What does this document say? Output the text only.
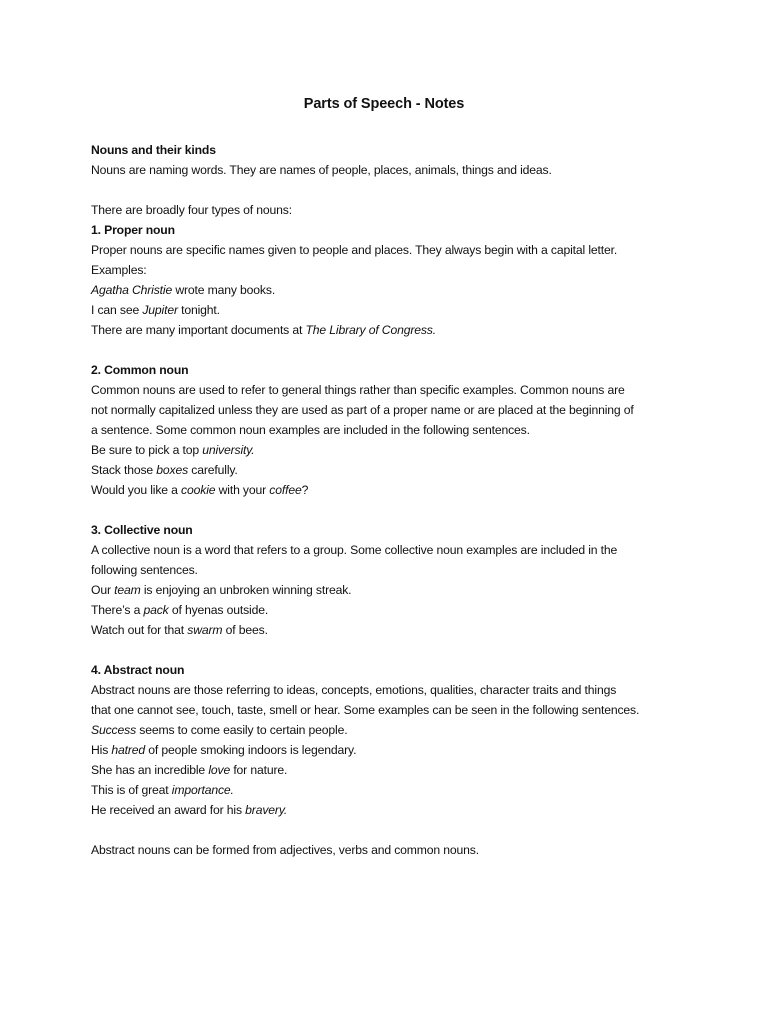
Parts of Speech - Notes

Nouns and their kinds

Nouns are naming words. They are names of people, places, animals, things and ideas.

There are broadly four types of nouns:

1. Proper noun

Proper nouns are specific names given to people and places. They always begin with a capital letter.

Examples:

Agatha Christie wrote many books.

I can see Jupiter tonight.

There are many important documents at The Library of Congress.

2. Common noun

Common nouns are used to refer to general things rather than specific examples. Common nouns are

not normally capitalized unless they are used as part of a proper name or are placed at the beginning of

a sentence. Some common noun examples are included in the following sentences.

Be sure to pick a top university.

Stack those boxes carefully.

Would you like a cookie with your coffee?

3. Collective noun

A collective noun is a word that refers to a group. Some collective noun examples are included in the

following sentences.

Our team is enjoying an unbroken winning streak.

There’s a pack of hyenas outside.

Watch out for that swarm of bees.

4. Abstract noun

Abstract nouns are those referring to ideas, concepts, emotions, qualities, character traits and things

that one cannot see, touch, taste, smell or hear. Some examples can be seen in the following sentences.

Success seems to come easily to certain people.

His hatred of people smoking indoors is legendary.

She has an incredible love for nature.

This is of great importance.

He received an award for his bravery.

Abstract nouns can be formed from adjectives, verbs and common nouns.
